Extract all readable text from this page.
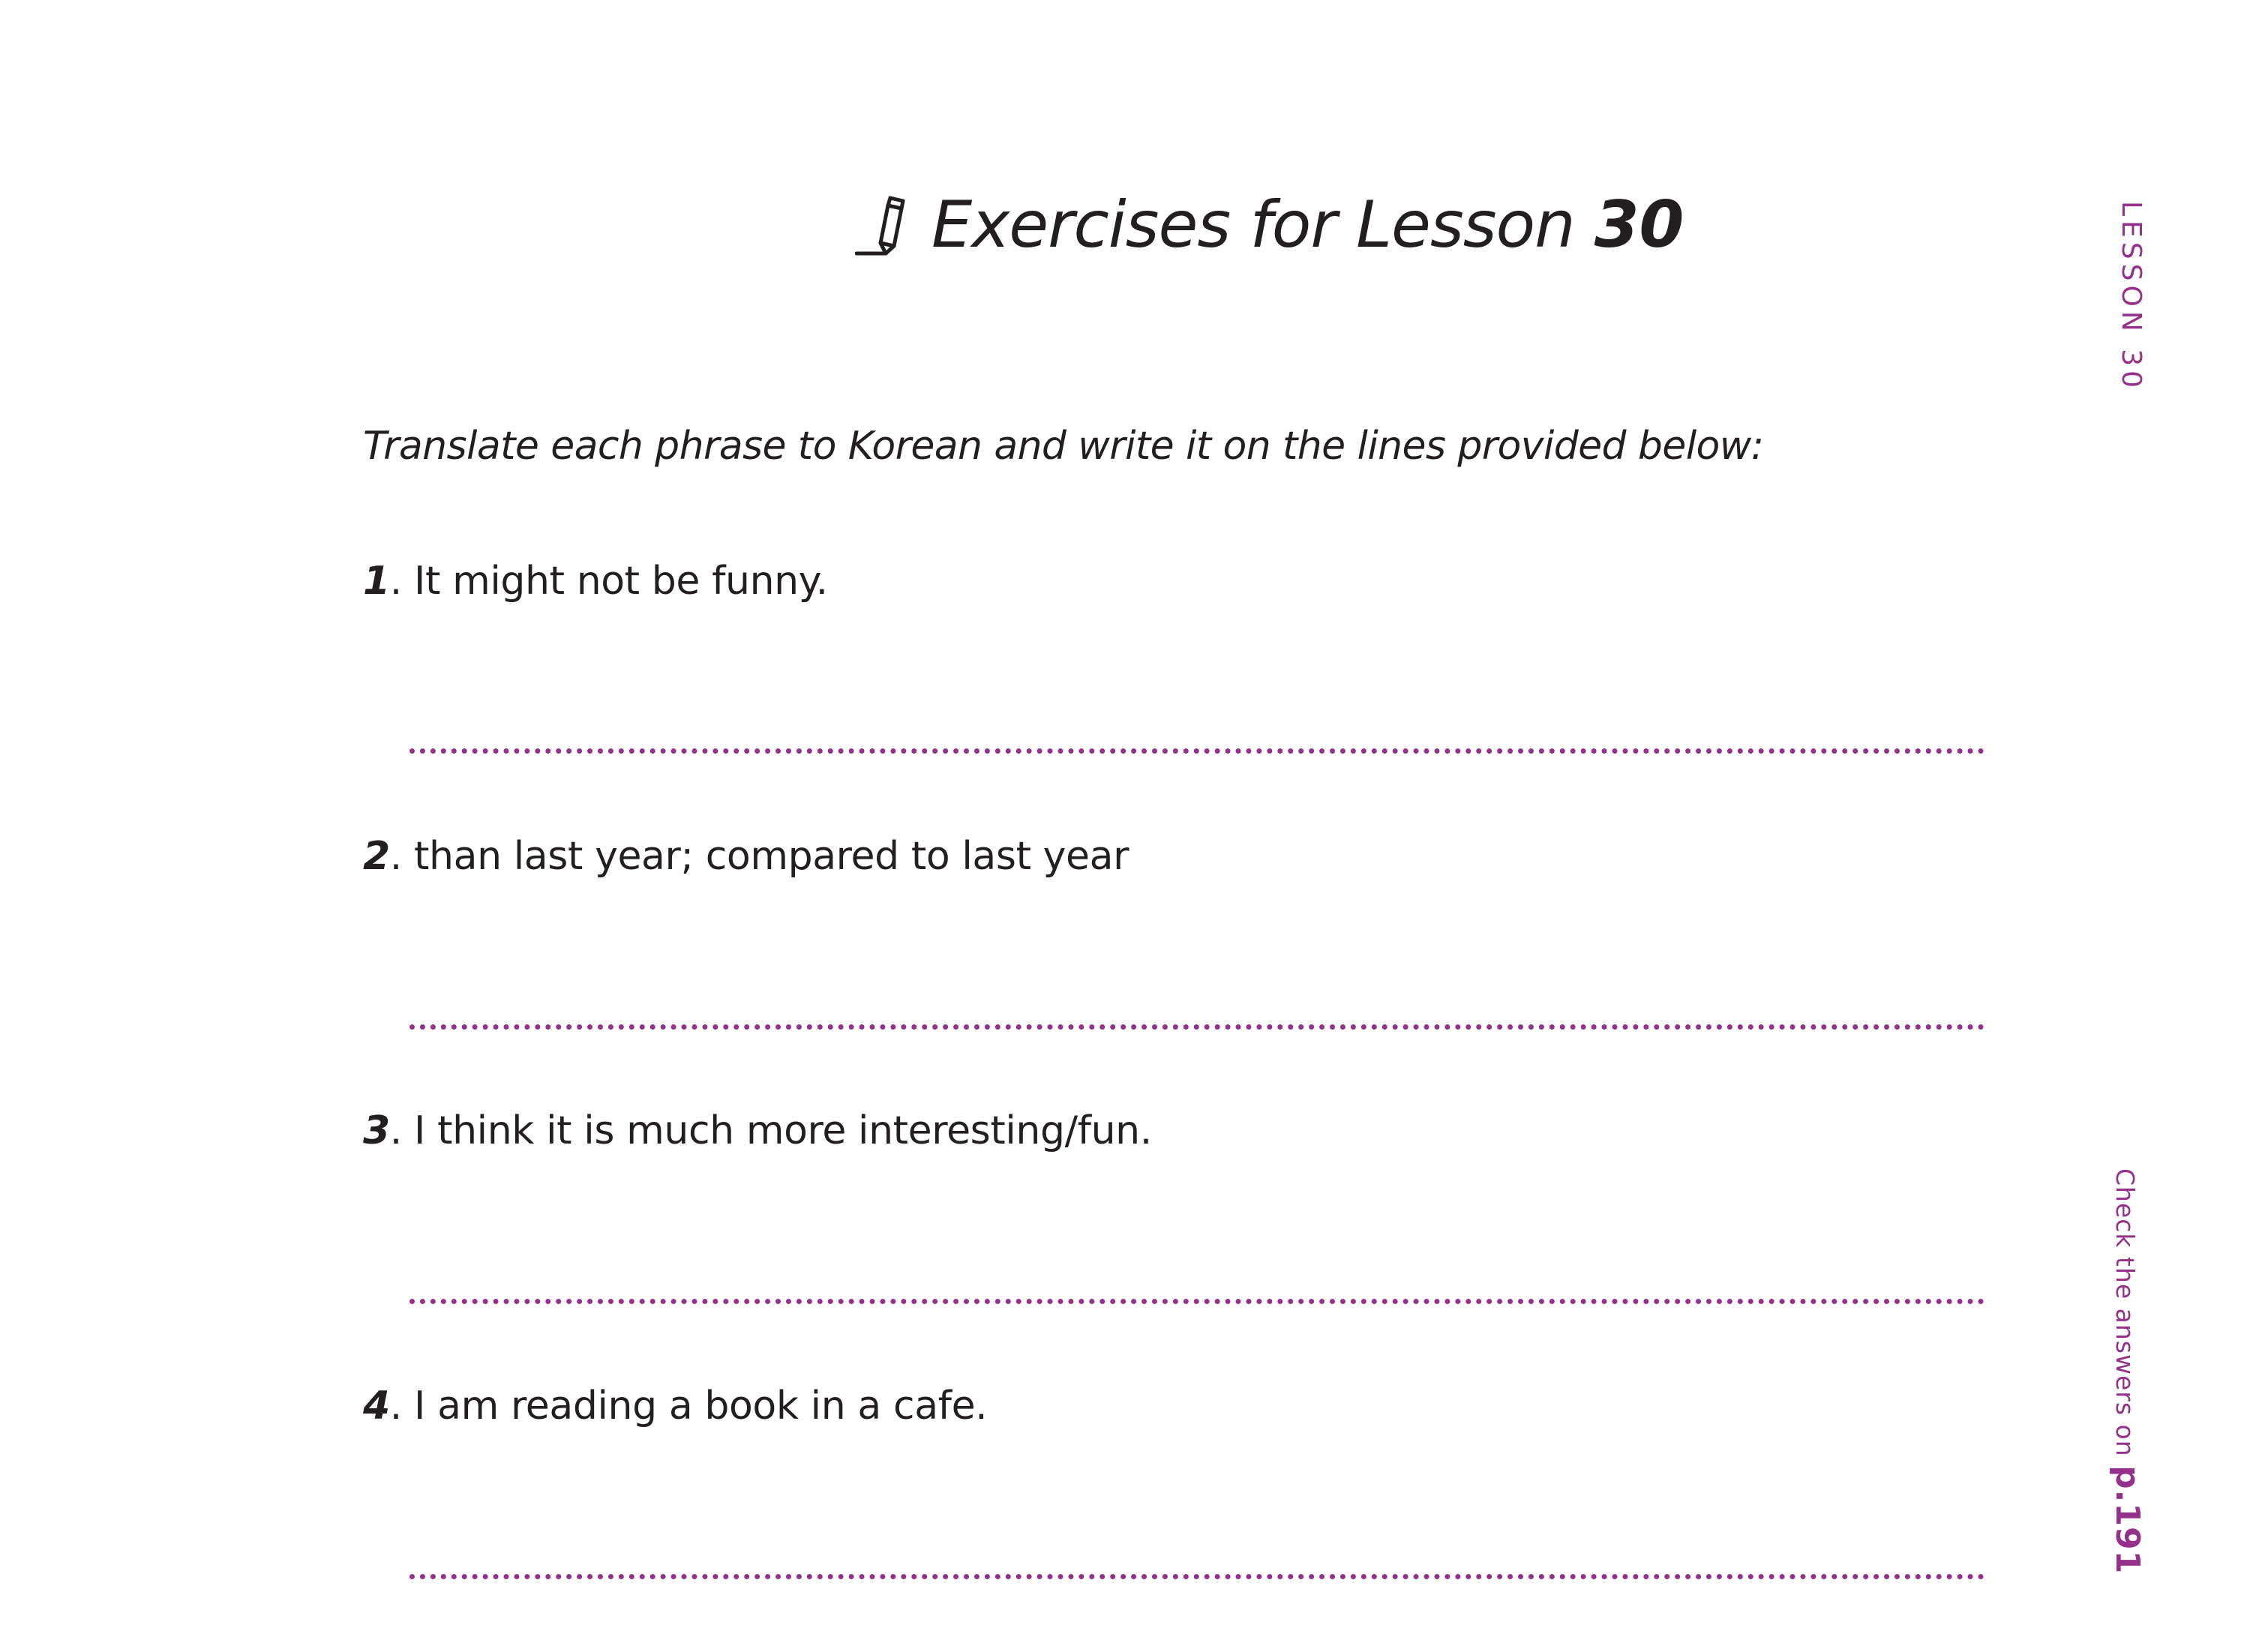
Exercises for Lesson 30
Translate each phrase to Korean and write it on the lines provided below:
1. It might not be funny.
2. than last year; compared to last year
3. I think it is much more interesting/fun.
4. I am reading a book in a cafe.
LESSON 30
Check the answers on p.191
